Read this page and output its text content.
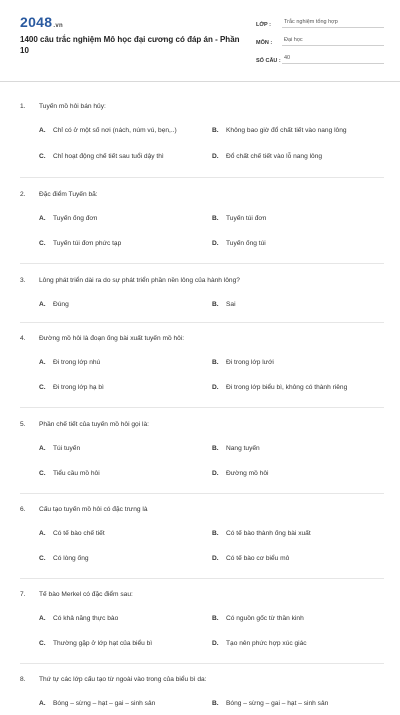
2048.vn
1400 câu trắc nghiệm Mô học đại cương có đáp án - Phần 10
LỚP :	Trắc nghiệm tổng hợp
MÔN :	Đại học
SỐ CÂU : 40
1.	Tuyến mồ hôi bán hủy:
A.	Chỉ có ở một số nơi (nách, núm vú, bẹn,..)	B.	Không bao giờ đổ chất tiết vào nang lông
C.	Chỉ hoạt động chế tiết sau tuổi dậy thì	D.	Đổ chất chế tiết vào lỗ nang lông
2.	Đặc điểm Tuyến bã:
A.	Tuyến ống đơn	B.	Tuyến túi đơn
C.	Tuyến túi đơn phức tạp	D.	Tuyến ống túi
3.	Lông phát triển dài ra do sự phát triển phần nền lông của hành lông?
A.	Đúng	B.	Sai
4.	Đường mồ hôi là đoạn ống bài xuất tuyến mồ hôi:
A.	Đi trong lớp nhú	B.	Đi trong lớp lưới
C.	Đi trong lớp hạ bì	D.	Đi trong lớp biểu bì, không có thành riêng
5.	Phần chế tiết của tuyến mồ hôi gọi là:
A.	Túi tuyến	B.	Nang tuyến
C.	Tiểu cầu mồ hôi	D.	Đường mồ hôi
6.	Cấu tạo tuyến mồ hôi có đặc trưng là
A.	Có tế bào chế tiết	B.	Có tế bào thành ống bài xuất
C.	Có lòng ống	D.	Có tế bào cơ biểu mô
7.	Tế bào Merkel có đặc điểm sau:
A.	Có khả năng thực bào	B.	Có nguồn gốc từ thần kinh
C.	Thường gặp ở lớp hạt của biểu bì	D.	Tạo nên phức hợp xúc giác
8.	Thứ tự các lớp cấu tạo từ ngoài vào trong của biểu bì da:
A.	Bóng – sừng – hạt – gai – sinh sản	B.	Bóng – sừng – gai – hạt – sinh sản
